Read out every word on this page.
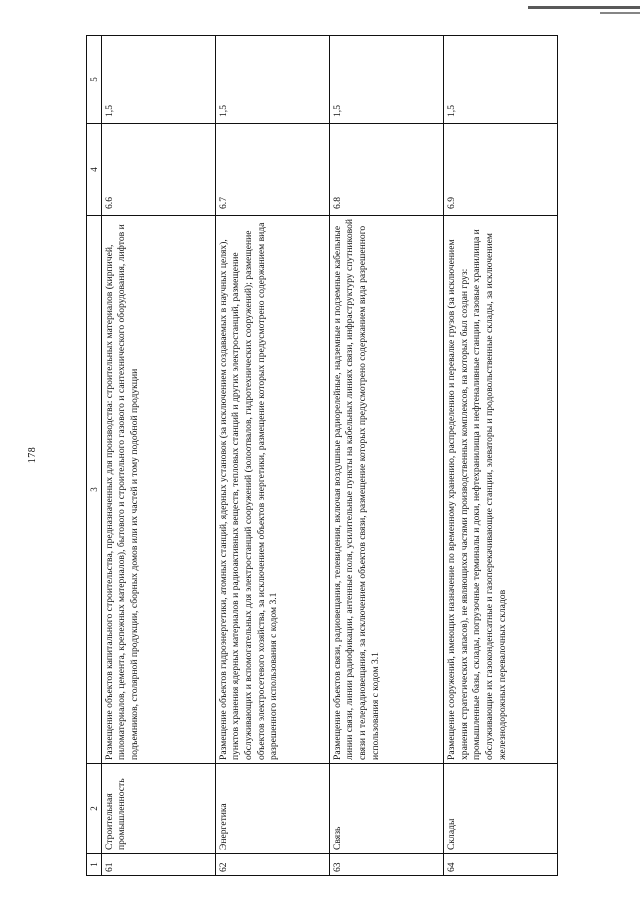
178
1	2	3	4	5
61	Строительная промышленность	Размещение объектов капитального строительства, предназначенных для производства: строительных материалов (кирпичей, пиломатериалов, цемента, крепежных материалов), бытового и строительного газового и сантехнического оборудования, лифтов и подъемников, столярной продукции, сборных домов или их частей и тому подобной продукции	6.6	1,5
62	Энергетика	Размещение объектов гидроэнергетики, атомных станций, ядерных установок (за исключением создаваемых в научных целях), пунктов хранения ядерных материалов и радиоактивных веществ, тепловых станций и других электростанций, размещение обслуживающих и вспомогательных для электростанций сооружений (золоотвалов, гидротехнических сооружений); размещение объектов электросетевого хозяйства, за исключением объектов энергетики, размещение которых предусмотрено содержанием вида разрешенного использования с кодом 3.1	6.7	1,5
63	Связь	Размещение объектов связи, радиовещания, телевидения, включая воздушные радиорелейные, надземные и подземные кабельные линии связи, линии радиофикации, антенные поля, усилительные пункты на кабельных линиях связи, инфраструктуру спутниковой связи и телерадиовещания, за исключением объектов связи, размещение которых предусмотрено содержанием вида разрешенного использования с кодом 3.1	6.8	1,5
64	Склады	Размещение сооружений, имеющих назначение по временному хранению, распределению и перевалке грузов (за исключением хранения стратегических запасов), не являющихся частями производственных комплексов, на которых был создан груз: промышленные базы, склады, погрузочные терминалы и доки, нефтехранилища и нефтеналивные станции, газовые хранилища и обслуживающие их газоконденсатные и газоперекачивающие станции, элеваторы и продовольственные склады, за исключением железнодорожных перевалочных складов	6.9	1,5
